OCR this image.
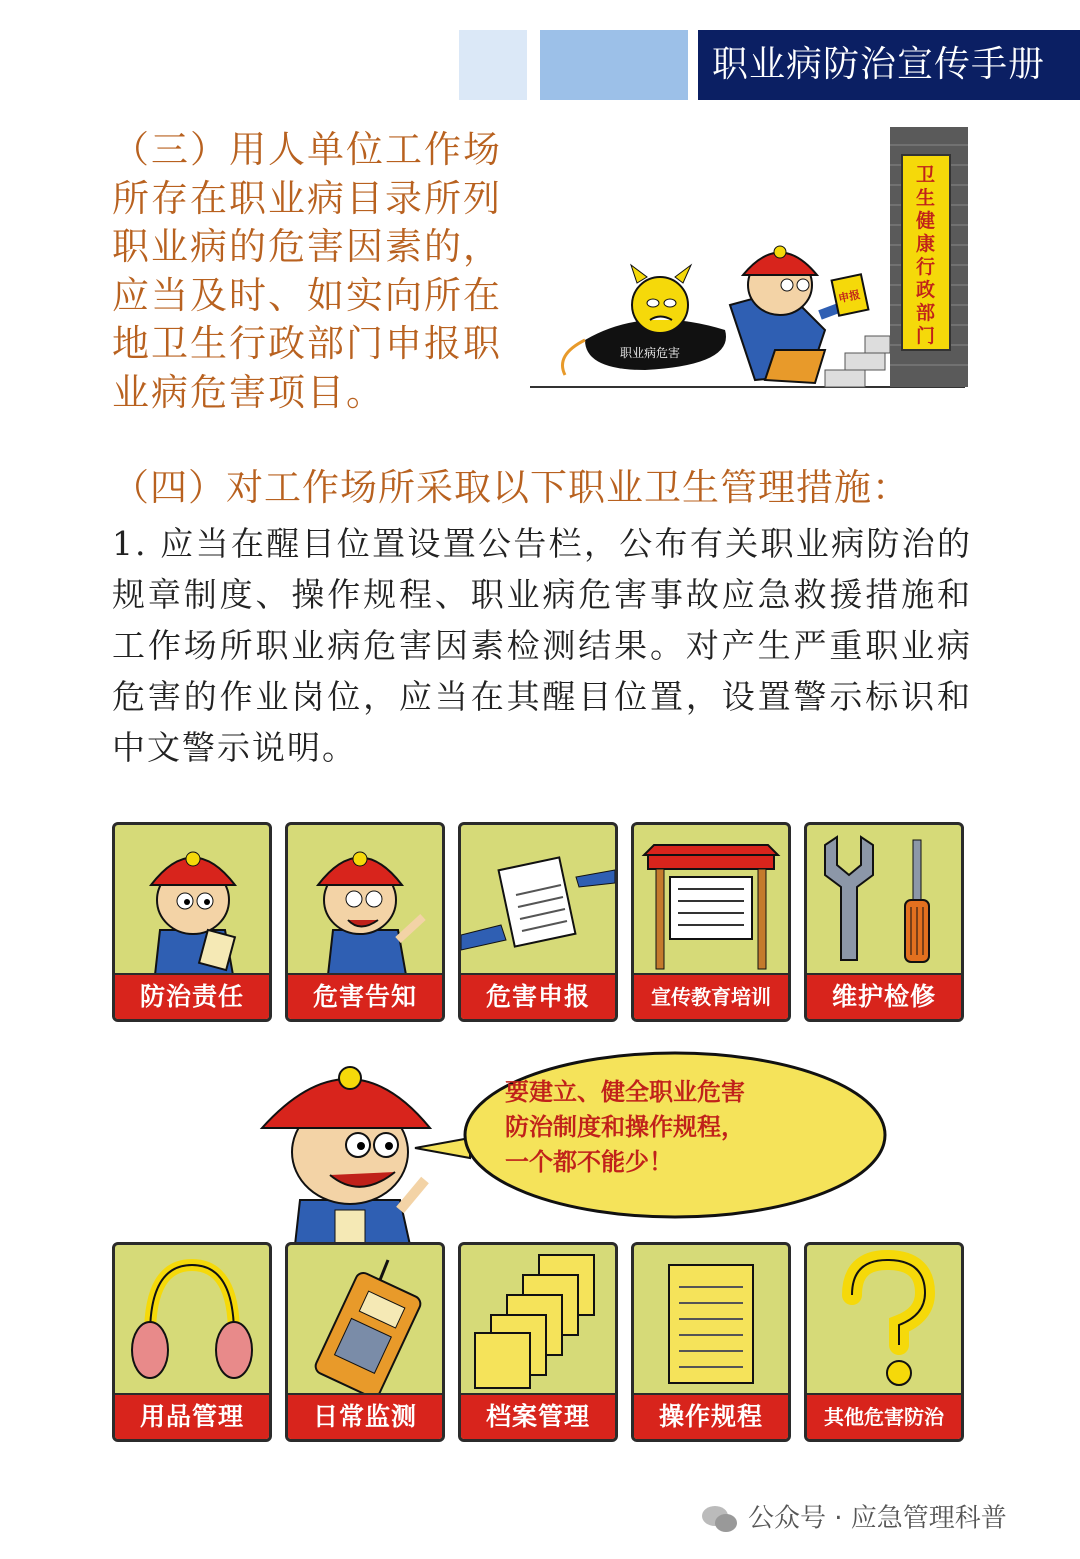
职业病防治宣传手册

（三）用人单位工作场所存在职业病目录所列职业病的危害因素的，应当及时、如实向所在地卫生行政部门申报职业病危害项目。

卫
生
健
康
行
政
部
门
申报
职业病危害

（四）对工作场所采取以下职业卫生管理措施：

1. 应当在醒目位置设置公告栏，公布有关职业病防治的规章制度、操作规程、职业病危害事故应急救援措施和工作场所职业病危害因素检测结果。对产生严重职业病危害的作业岗位，应当在其醒目位置，设置警示标识和中文警示说明。

防治责任	危害告知	危害申报	宣传教育培训	维护检修
要建立、健全职业危害
防治制度和操作规程，
一个都不能少！
用品管理	日常监测	档案管理	操作规程	其他危害防治
公众号 · 应急管理科普
